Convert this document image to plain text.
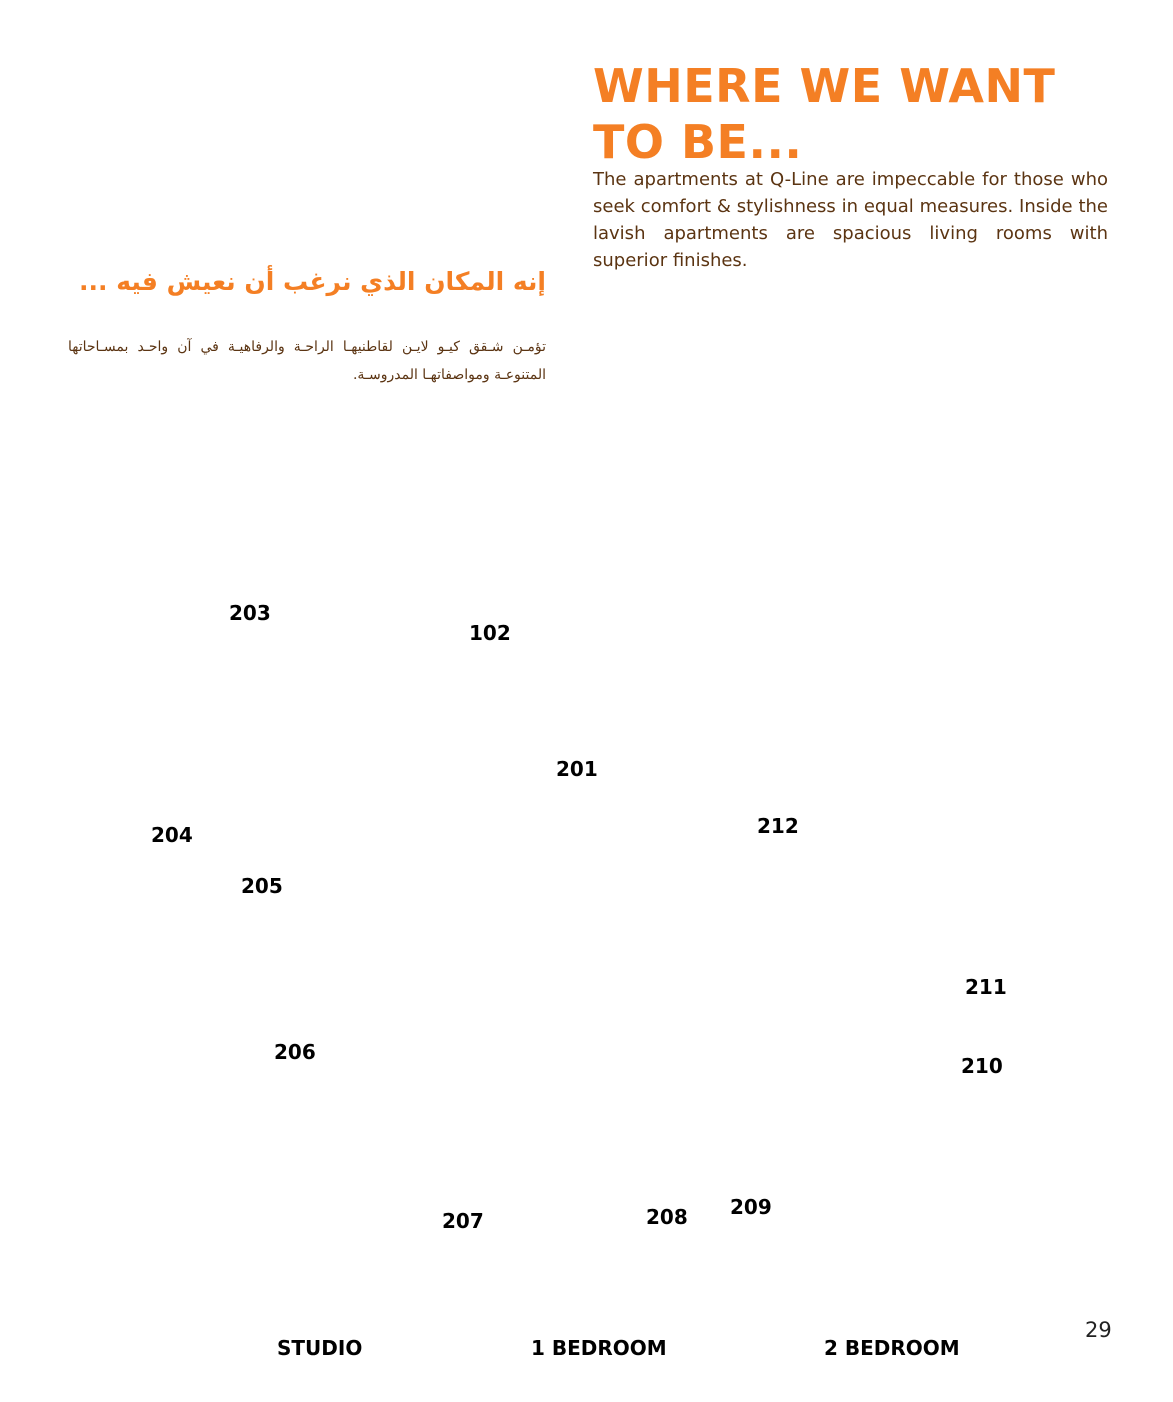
WHERE WE WANT TO BE...

The apartments at Q-Line are impeccable for those who seek comfort & stylishness in equal measures. Inside the lavish apartments are spacious living rooms with superior finishes.

إنه المكان الذي نرغب أن نعيش فيه ...

تؤمـن شـقق كيـو لايـن لقاطنيهـا الراحـة والرفاهيـة في آن واحـد بمسـاحاتها المتنوعـة ومواصفاتهـا المدروسـة.

203
102
201
212
204
205
211
206
210
209
208
207
STUDIO	1 BEDROOM	2 BEDROOM
29
